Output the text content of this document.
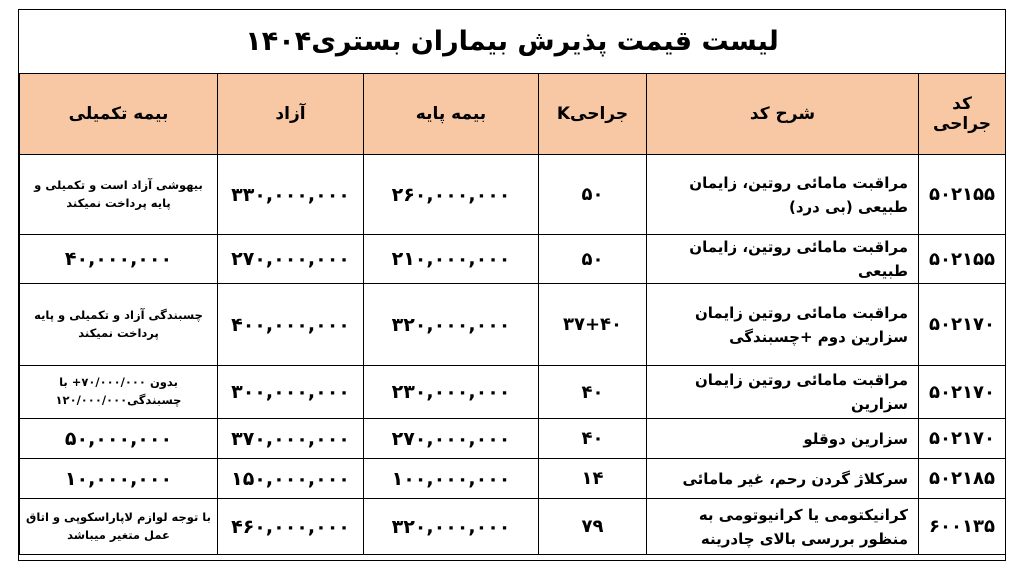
لیست قیمت پذیرش بیماران بستری۱۴۰۴
کد جراحی	شرح کد	جراحیK	بیمه پایه	آزاد	بیمه تکمیلی
۵۰۲۱۵۵	مراقبت مامائی روتین، زایمان طبیعی (بی درد)	۵۰	۲۶۰,۰۰۰,۰۰۰	۳۳۰,۰۰۰,۰۰۰	بیهوشی آزاد است و تکمیلی و پایه پرداخت نمیکند
۵۰۲۱۵۵	مراقبت مامائی روتین، زایمان طبیعی	۵۰	۲۱۰,۰۰۰,۰۰۰	۲۷۰,۰۰۰,۰۰۰	۴۰,۰۰۰,۰۰۰
۵۰۲۱۷۰	مراقبت مامائی روتین زایمان سزارین دوم +چسبندگی	۳۷+۴۰	۳۲۰,۰۰۰,۰۰۰	۴۰۰,۰۰۰,۰۰۰	چسبندگی آزاد و تکمیلی و پایه پرداخت نمیکند
۵۰۲۱۷۰	مراقبت مامائی روتین زایمان سزارین	۴۰	۲۳۰,۰۰۰,۰۰۰	۳۰۰,۰۰۰,۰۰۰	بدون ۷۰/۰۰۰/۰۰۰+ با چسبندگی۱۲۰/۰۰۰/۰۰۰
۵۰۲۱۷۰	سزارین دوقلو	۴۰	۲۷۰,۰۰۰,۰۰۰	۳۷۰,۰۰۰,۰۰۰	۵۰,۰۰۰,۰۰۰
۵۰۲۱۸۵	سرکلاژ گردن رحم، غیر مامائی	۱۴	۱۰۰,۰۰۰,۰۰۰	۱۵۰,۰۰۰,۰۰۰	۱۰,۰۰۰,۰۰۰
۶۰۰۱۳۵	کرانیکتومی یا کرانیوتومی به منظور بررسی بالای چادرینه	۷۹	۳۲۰,۰۰۰,۰۰۰	۴۶۰,۰۰۰,۰۰۰	با توجه لوازم لاپاراسکوپی و اتاق عمل متغیر میباشد
